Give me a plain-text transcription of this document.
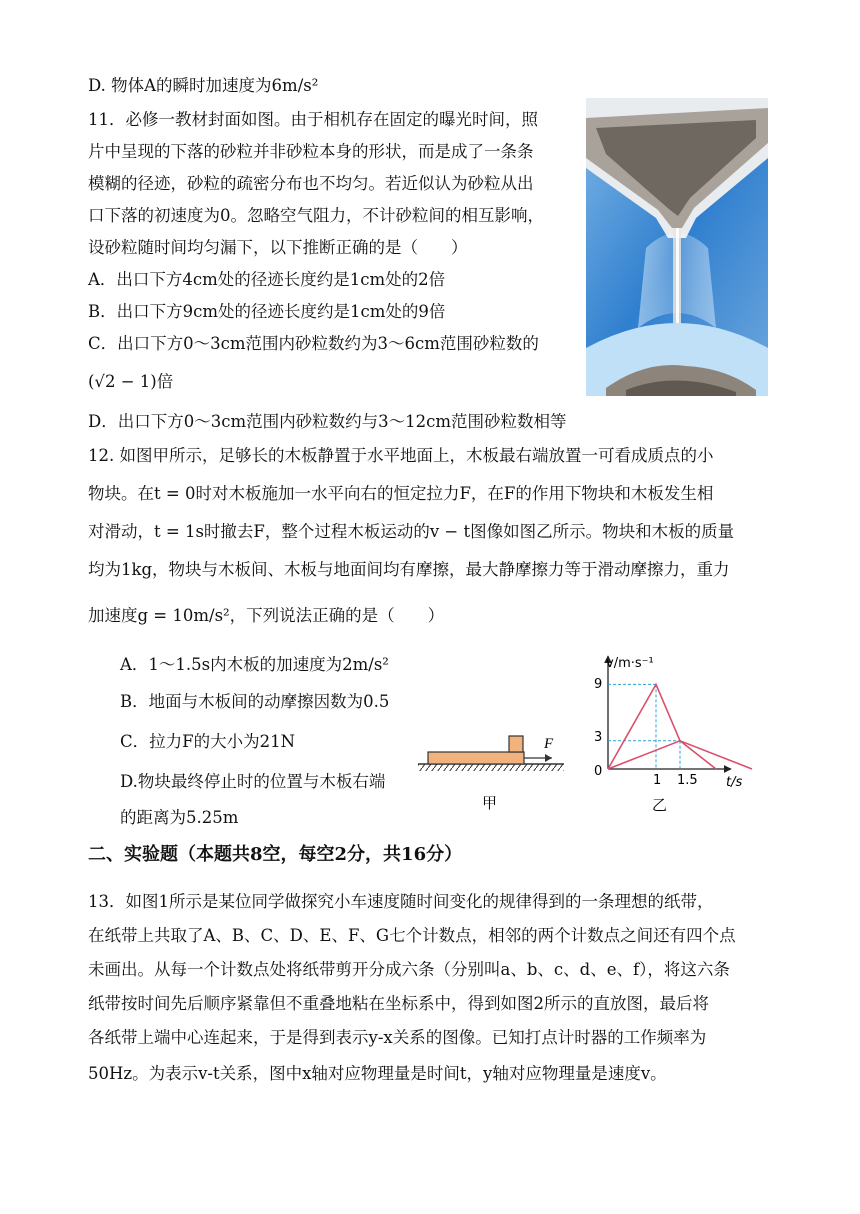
D. 物体A的瞬时加速度为6m/s²
11．必修一教材封面如图。由于相机存在固定的曝光时间，照
片中呈现的下落的砂粒并非砂粒本身的形状，而是成了一条条
模糊的径迹，砂粒的疏密分布也不均匀。若近似认为砂粒从出
口下落的初速度为0。忽略空气阻力，不计砂粒间的相互影响，
设砂粒随时间均匀漏下，以下推断正确的是（　　）
A．出口下方4cm处的径迹长度约是1cm处的2倍
B．出口下方9cm处的径迹长度约是1cm处的9倍
C．出口下方0～3cm范围内砂粒数约为3～6cm范围砂粒数的
(√2 − 1)倍
D．出口下方0～3cm范围内砂粒数约与3～12cm范围砂粒数相等
12. 如图甲所示，足够长的木板静置于水平地面上，木板最右端放置一可看成质点的小
物块。在t = 0时对木板施加一水平向右的恒定拉力F，在F的作用下物块和木板发生相
对滑动，t = 1s时撤去F，整个过程木板运动的v − t图像如图乙所示。物块和木板的质量
均为1kg，物块与木板间、木板与地面间均有摩擦，最大静摩擦力等于滑动摩擦力，重力
加速度g = 10m/s²，下列说法正确的是（　　）
A．1～1.5s内木板的加速度为2m/s²
B．地面与木板间的动摩擦因数为0.5
C．拉力F的大小为21N
D.物块最终停止时的位置与木板右端
的距离为5.25m
F
甲
v/m·s⁻¹
t/s
0
9
3
1 1.5
乙
二、实验题（本题共8空，每空2分，共16分）
13．如图1所示是某位同学做探究小车速度随时间变化的规律得到的一条理想的纸带，
在纸带上共取了A、B、C、D、E、F、G七个计数点，相邻的两个计数点之间还有四个点
未画出。从每一个计数点处将纸带剪开分成六条（分别叫a、b、c、d、e、f），将这六条
纸带按时间先后顺序紧靠但不重叠地粘在坐标系中，得到如图2所示的直放图，最后将
各纸带上端中心连起来，于是得到表示y-x关系的图像。已知打点计时器的工作频率为
50Hz。为表示v-t关系，图中x轴对应物理量是时间t，y轴对应物理量是速度v。
